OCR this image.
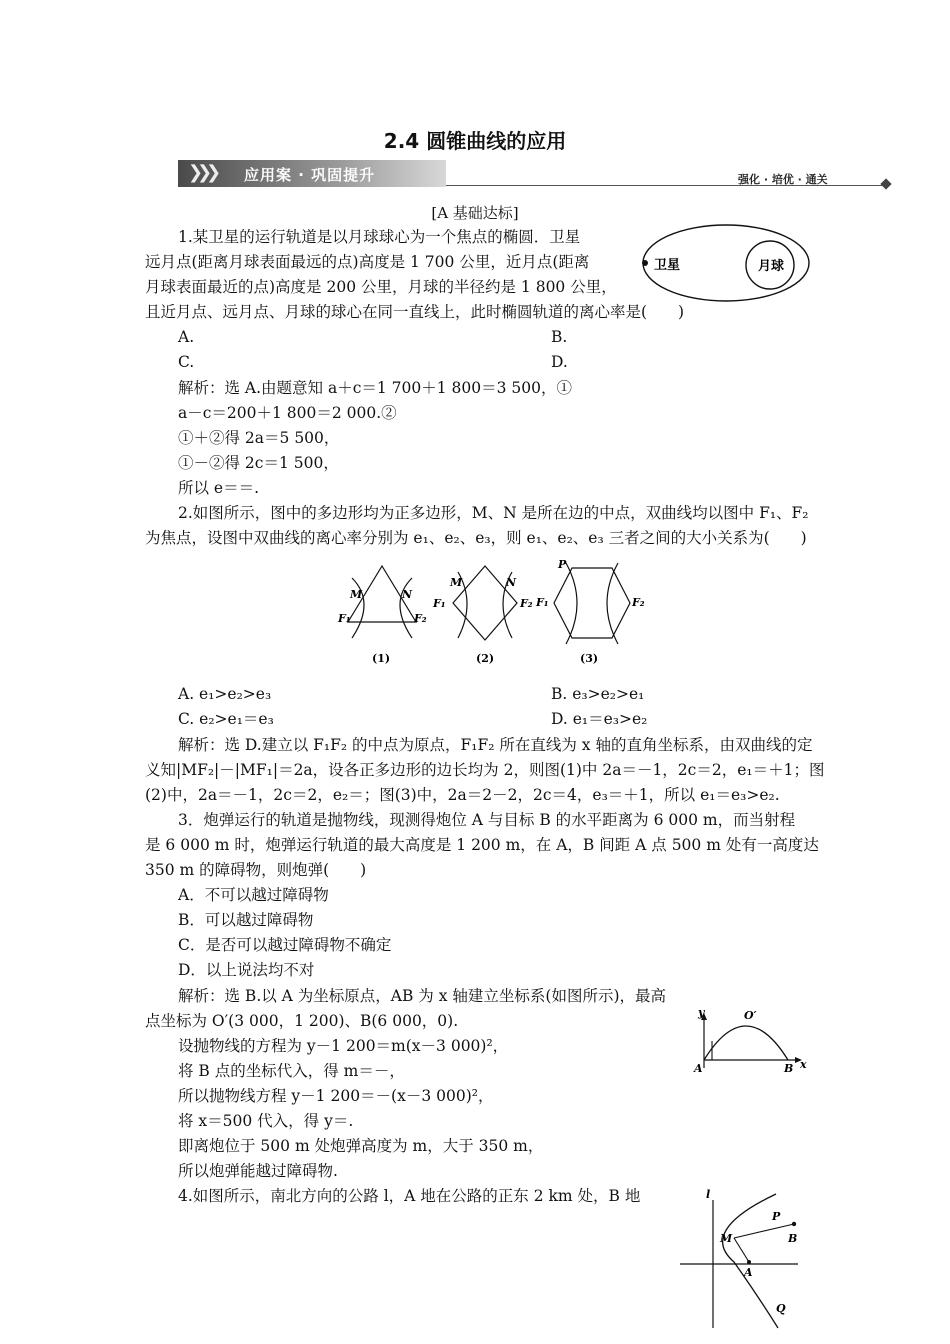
2.4 圆锥曲线的应用
❯❯❯ 应用案 · 巩固提升	强化 · 培优 · 通关
[A 基础达标]
1.某卫星的运行轨道是以月球球心为一个焦点的椭圆．卫星
远月点(距离月球表面最远的点)高度是 1 700 公里，近月点(距离
月球表面最近的点)高度是 200 公里，月球的半径约是 1 800 公里，
且近月点、远月点、月球的球心在同一直线上，此时椭圆轨道的离心率是(　　)
卫星	月球
A.	B.
C.	D.
解析：选 A.由题意知 a＋c＝1 700＋1 800＝3 500，①
a－c＝200＋1 800＝2 000.②
①＋②得 2a＝5 500，
①－②得 2c＝1 500，
所以 e＝＝.
2.如图所示，图中的多边形均为正多边形，M、N 是所在边的中点，双曲线均以图中 F₁、F₂
为焦点，设图中双曲线的离心率分别为 e₁、e₂、e₃，则 e₁、e₂、e₃ 三者之间的大小关系为(　　)
M	N
F₁	F₂
(1)
M	N
F₁	F₂
(2)
P
F₁	F₂
(3)
A. e₁>e₂>e₃	B. e₃>e₂>e₁
C. e₂>e₁＝e₃	D. e₁＝e₃>e₂
解析：选 D.建立以 F₁F₂ 的中点为原点，F₁F₂ 所在直线为 x 轴的直角坐标系，由双曲线的定
义知|MF₂|－|MF₁|＝2a，设各正多边形的边长均为 2，则图(1)中 2a＝－1，2c＝2，e₁＝＋1；图
(2)中，2a＝－1，2c＝2，e₂＝；图(3)中，2a＝2－2，2c＝4，e₃＝＋1，所以 e₁＝e₃>e₂.
3．炮弹运行的轨道是抛物线，现测得炮位 A 与目标 B 的水平距离为 6 000 m，而当射程
是 6 000 m 时，炮弹运行轨道的最大高度是 1 200 m，在 A，B 间距 A 点 500 m 处有一高度达
350 m 的障碍物，则炮弹(　　)
A．不可以越过障碍物
B．可以越过障碍物
C．是否可以越过障碍物不确定
D．以上说法均不对
解析：选 B.以 A 为坐标原点，AB 为 x 轴建立坐标系(如图所示)，最高
点坐标为 O′(3 000，1 200)、B(6 000，0).
设抛物线的方程为 y－1 200＝m(x－3 000)²，
将 B 点的坐标代入，得 m＝－，
所以抛物线方程 y－1 200＝－(x－3 000)²，
将 x＝500 代入，得 y＝.
即离炮位于 500 m 处炮弹高度为 m，大于 350 m，
所以炮弹能越过障碍物.
y
x
O′
A	B
4.如图所示，南北方向的公路 l，A 地在公路的正东 2 km 处，B 地	l
M
P
B
A
Q
